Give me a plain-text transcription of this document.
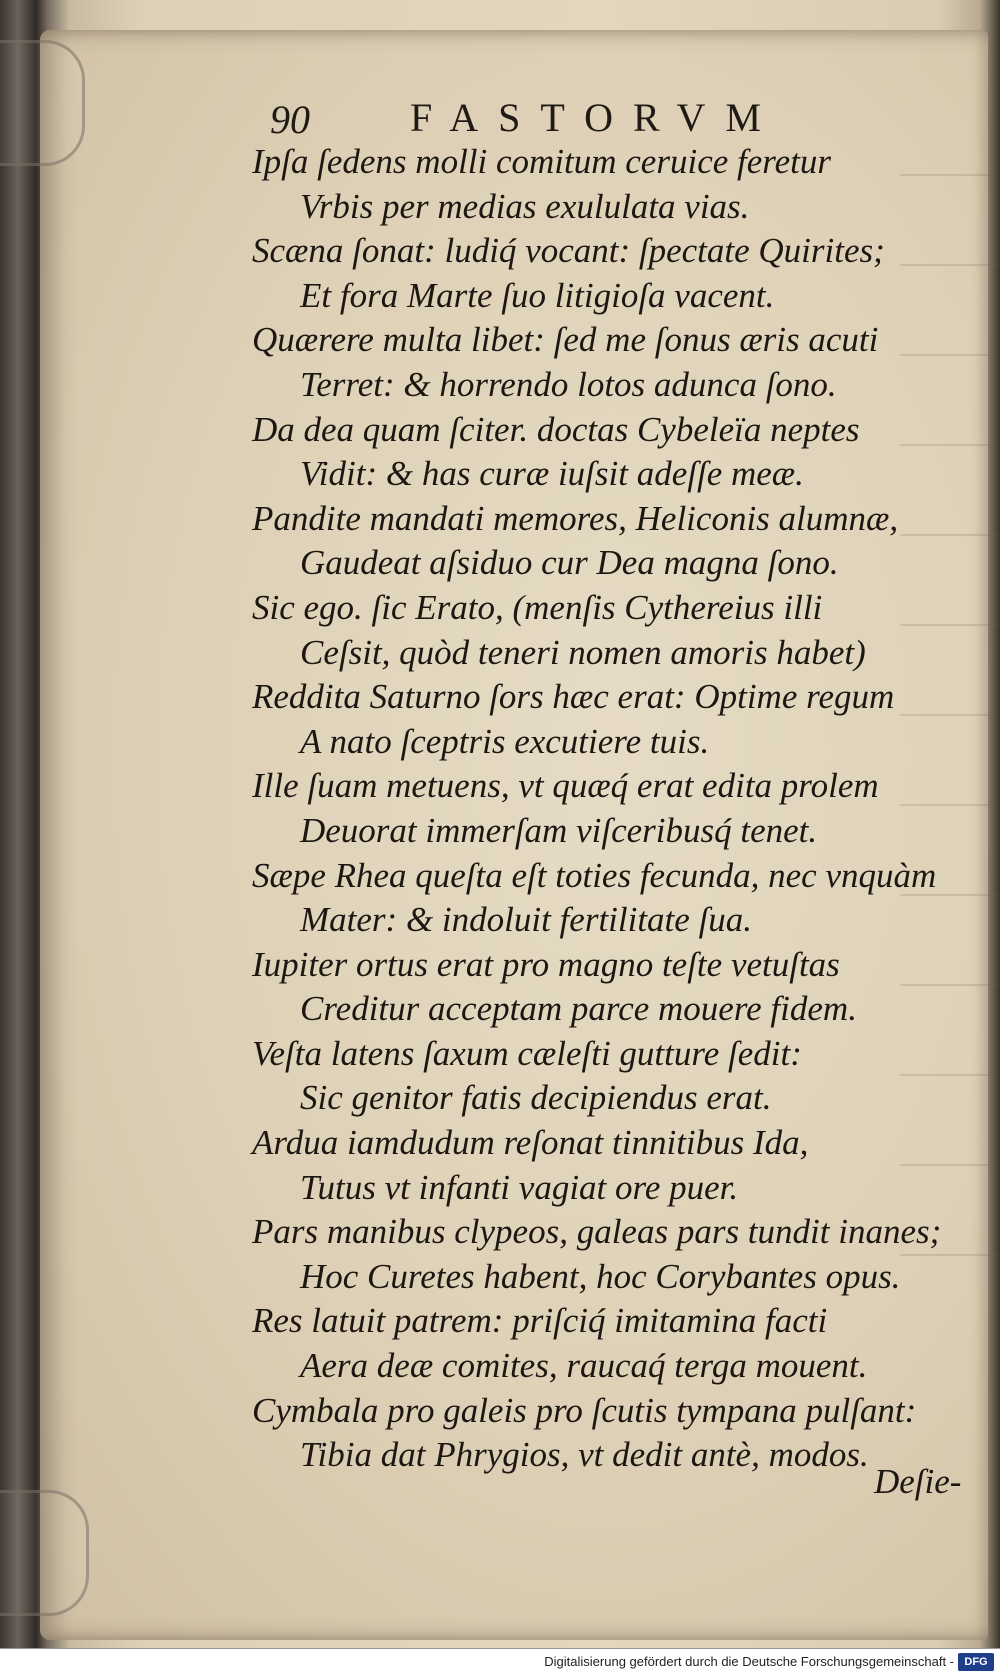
90	FASTORVM
Ipſa ſedens molli comitum ceruice feretur
Vrbis per medias exululata vias.
Scæna ſonat: ludiq́ vocant: ſpectate Quirites;
Et fora Marte ſuo litigioſa vacent.
Quærere multa libet: ſed me ſonus æris acuti
Terret: & horrendo lotos adunca ſono.
Da dea quam ſciter. doctas Cybeleïa neptes
Vidit: & has curæ iuſsit adeſſe meæ.
Pandite mandati memores, Heliconis alumnæ,
Gaudeat aſsiduo cur Dea magna ſono.
Sic ego. ſic Erato, (menſis Cythereius illi
Ceſsit, quòd teneri nomen amoris habet)
Reddita Saturno ſors hæc erat: Optime regum
A nato ſceptris excutiere tuis.
Ille ſuam metuens, vt quæq́ erat edita prolem
Deuorat immerſam viſceribusq́ tenet.
Sæpe Rhea queſta eſt toties fecunda, nec vnquàm
Mater: & indoluit fertilitate ſua.
Iupiter ortus erat pro magno teſte vetuſtas
Creditur acceptam parce mouere fidem.
Veſta latens ſaxum cæleſti gutture ſedit:
Sic genitor fatis decipiendus erat.
Ardua iamdudum reſonat tinnitibus Ida,
Tutus vt infanti vagiat ore puer.
Pars manibus clypeos, galeas pars tundit inanes;
Hoc Curetes habent, hoc Corybantes opus.
Res latuit patrem: priſciq́ imitamina facti
Aera deæ comites, raucaq́ terga mouent.
Cymbala pro galeis pro ſcutis tympana pulſant:
Tibia dat Phrygios, vt dedit antè, modos.
Deſie-
Digitalisierung gefördert durch die Deutsche Forschungsgemeinschaft - DFG
